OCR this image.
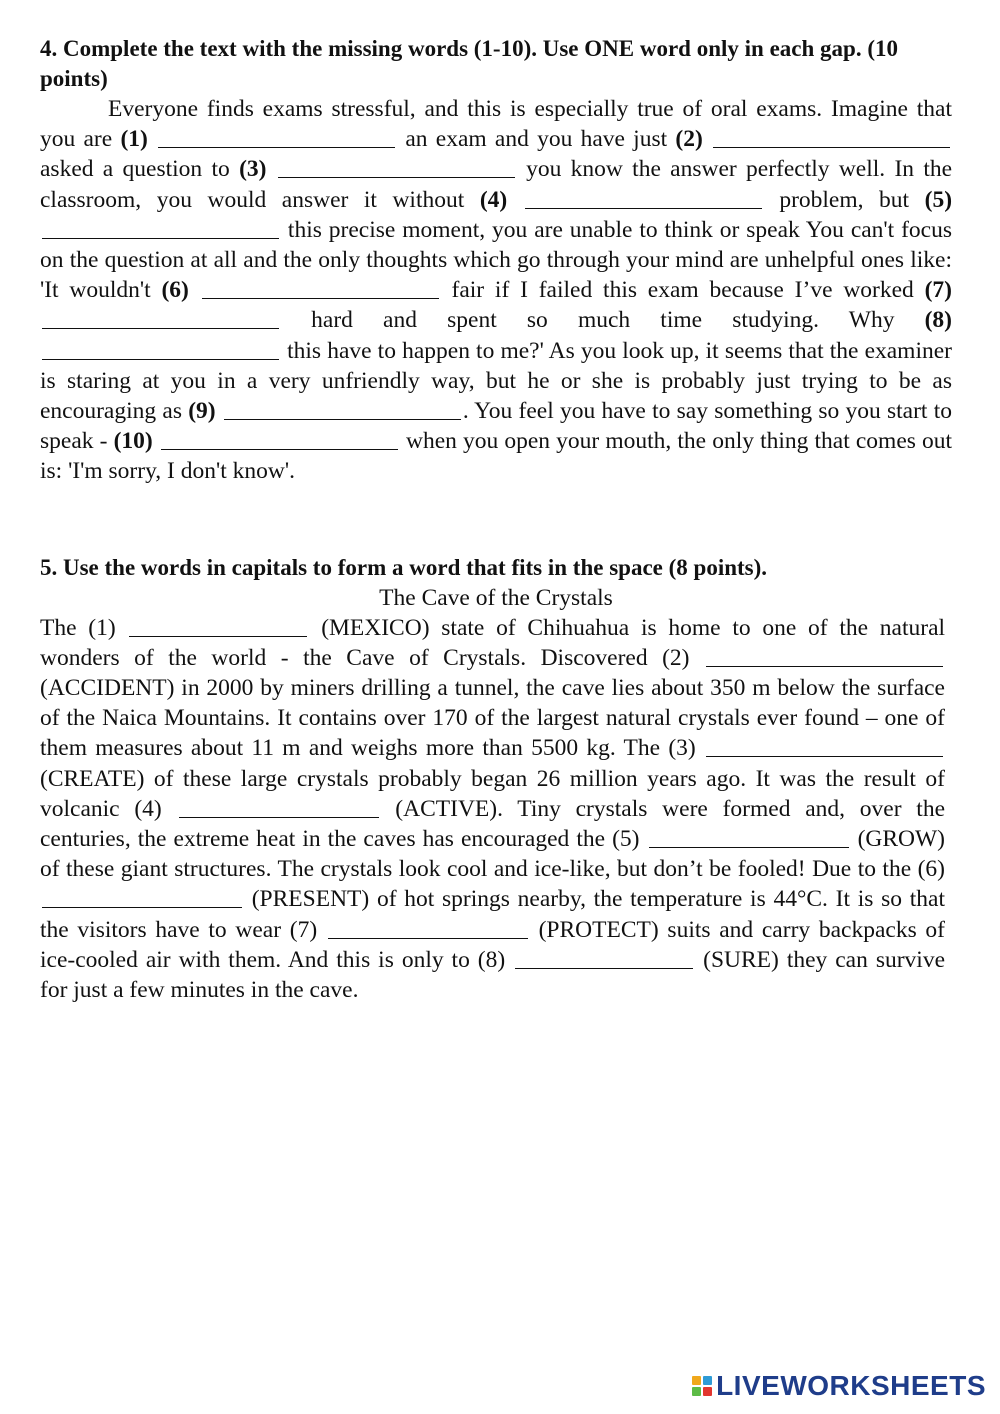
4. Complete the text with the missing words (1-10). Use ONE word only in each gap. (10 points)

Everyone finds exams stressful, and this is especially true of oral exams. Imagine that you are (1)	an exam and you have just (2)  asked a question to (3)	you know the answer perfectly well. In the classroom, you would answer it without (4)	problem, but (5)  this precise moment, you are unable to think or speak You can't focus on the question at all and the only thoughts which go through your mind are unhelpful ones like: 'It wouldn't (6)	fair if I failed this exam because I’ve worked (7)  hard and spent so much time studying. Why (8)  this have to happen to me?' As you look up, it seems that the examiner is staring at you in a very unfriendly way, but he or she is probably just trying to be as encouraging as (9)	. You feel you have to say something so you start to speak - (10)	when you open your mouth, the only thing that comes out is: 'I'm sorry, I don't know'.

5. Use the words in capitals to form a word that fits in the space (8 points).

The Cave of the Crystals

The (1)	(MEXICO) state of Chihuahua is home to one of the natural wonders of the world - the Cave of Crystals. Discovered (2)  (ACCIDENT) in 2000 by miners drilling a tunnel, the cave lies about 350 m below the surface of the Naica Mountains. It contains over 170 of the largest natural crystals ever found – one of them measures about 11 m and weighs more than 5500 kg. The (3)  (CREATE) of these large crystals probably began 26 million years ago. It was the result of volcanic (4)	(ACTIVE). Tiny crystals were formed and, over the centuries, the extreme heat in the caves has encouraged the (5)	(GROW) of these giant structures. The crystals look cool and ice-like, but don’t be fooled! Due to the (6)  (PRESENT) of hot springs nearby, the temperature is 44°C. It is so that the visitors have to wear (7)	(PROTECT) suits and carry backpacks of ice-cooled air with them. And this is only to (8)	(SURE) they can survive for just a few minutes in the cave.

LIVEWORKSHEETS
